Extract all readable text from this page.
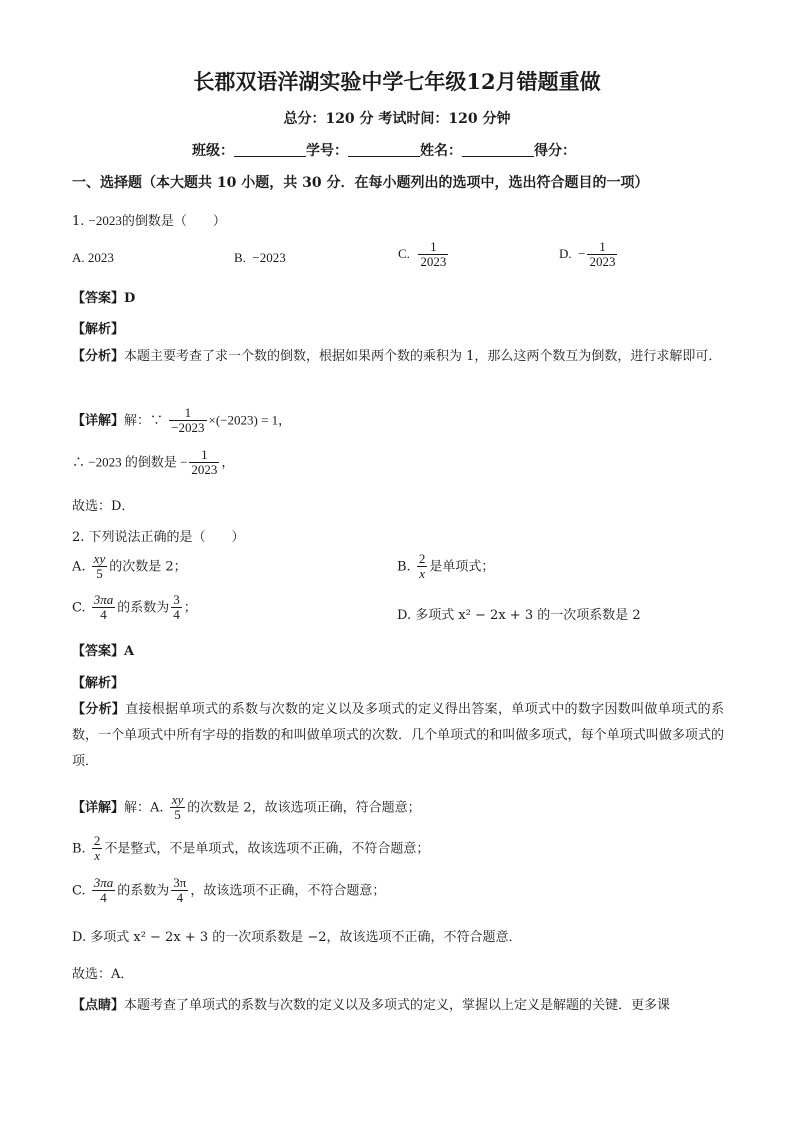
长郡双语洋湖实验中学七年级12月错题重做
总分：120 分 考试时间：120 分钟
班级：	学号：	姓名：	得分：
一、选择题（本大题共 10 小题，共 30 分．在每小题列出的选项中，选出符合题目的一项）
1. −2023的倒数是（　　）
A. 2023	B. −2023	C. $\frac{1}{2023}$	D. − $\frac{1}{2023}$
【答案】D
【解析】
【分析】本题主要考查了求一个数的倒数，根据如果两个数的乘积为 1，那么这两个数互为倒数，进行求解即可．
【详解】解：∵ $\frac{1}{-2023} \times(-2023) = 1$，
∴ −2023 的倒数是 − $\frac{1}{2023}$ ，
故选：D．
2. 下列说法正确的是（　　）
A. $\frac{xy}{5}$ 的次数是 2；	B. $\frac{2}{x}$ 是单项式；
C. $\frac{3\pi a}{4}$ 的系数为 $\frac{3}{4}$ ；
D. 多项式 x² − 2x + 3 的一次项系数是 2
【答案】A
【解析】
【分析】直接根据单项式的系数与次数的定义以及多项式的定义得出答案，单项式中的数字因数叫做单项式的系数，一个单项式中所有字母的指数的和叫做单项式的次数．几个单项式的和叫做多项式，每个单项式叫做多项式的项．
【详解】解：A. $\frac{xy}{5}$ 的次数是 2，故该选项正确，符合题意；
B. $\frac{2}{x}$ 不是整式，不是单项式，故该选项不正确，不符合题意；
C. $\frac{3\pi a}{4}$ 的系数为 $\frac{3\pi}{4}$ ，故该选项不正确，不符合题意；
D. 多项式 x² − 2x + 3 的一次项系数是 −2，故该选项不正确，不符合题意．
故选：A．
【点睛】本题考查了单项式的系数与次数的定义以及多项式的定义，掌握以上定义是解题的关键．更多课
